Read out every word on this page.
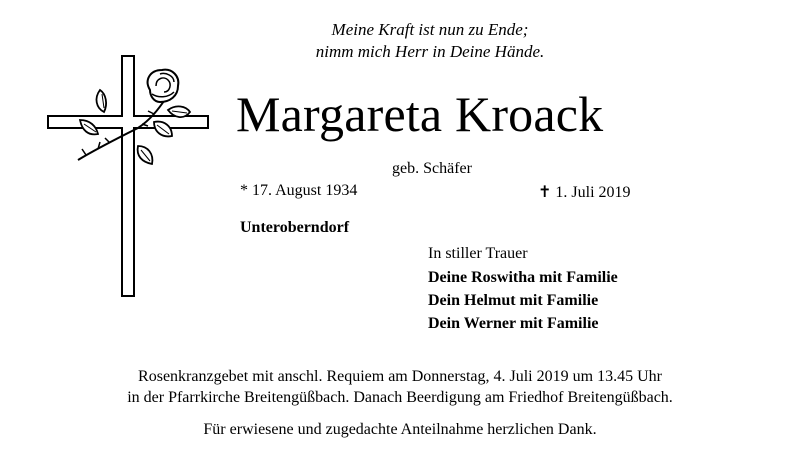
Meine Kraft ist nun zu Ende;
nimm mich Herr in Deine Hände.
Margareta Kroack
geb. Schäfer
* 17. August 1934	✝ 1. Juli 2019
Unteroberndorf
In stiller Trauer
Deine Roswitha mit Familie
Dein Helmut mit Familie
Dein Werner mit Familie
Rosenkranzgebet mit anschl. Requiem am Donnerstag, 4. Juli 2019 um 13.45 Uhr
in der Pfarrkirche Breitengüßbach. Danach Beerdigung am Friedhof Breitengüßbach.
Für erwiesene und zugedachte Anteilnahme herzlichen Dank.
